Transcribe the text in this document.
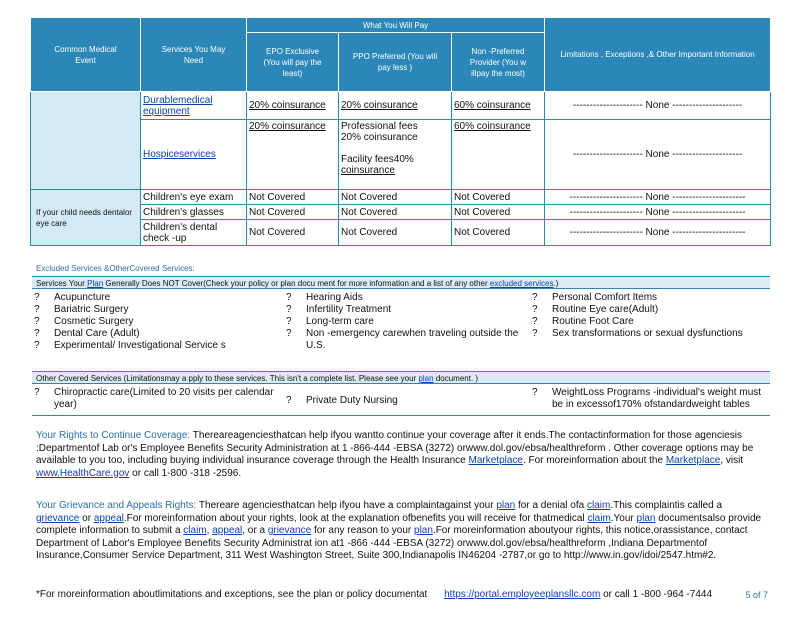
Common Medical Event	Services You May Need	What You Will Pay			Limitations , Exceptions ,& Other Important Information
		EPO Exclusive (You will pay the least)	PPO Preferred (You will pay less )	Non -Preferred Provider (You w illpay the most)	
	Durablemedical equipment	20% coinsurance	20% coinsurance	60% coinsurance	--------------------- None ---------------------
	Hospiceservices	20% coinsurance	Professional fees
20% coinsurance
Facility fees40%
coinsurance	60% coinsurance	--------------------- None ---------------------
If your child needs dentalor eye care	Children's eye exam	Not Covered	Not Covered	Not Covered	---------------------- None ----------------------
	Children's glasses	Not Covered	Not Covered	Not Covered	---------------------- None ----------------------
	Children's dental check -up	Not Covered	Not Covered	Not Covered	---------------------- None ----------------------
Excluded Services &OtherCovered Services:
Services Your Plan Generally Does NOT Cover(Check your policy or plan docu ment for more information and a list of any other excluded services.)
? Acupuncture
? Bariatric Surgery
? Cosmetic Surgery
? Dental Care (Adult)
? Experimental/ Investigational Service s

? Hearing Aids
? Infertility Treatment
? Long-term care
?	Non -emergency carewhen traveling outside the U.S.

? Personal Comfort Items
? Routine Eye care(Adult)
? Routine Foot Care
? Sex transformations or sexual dysfunctions
Other Covered Services (Limitationsmay a pply to these services. This isn't a complete list. Please see your plan document. )
?	Chiropractic care(Limited to 20 visits per calendar year)	?	Private Duty Nursing

?	WeightLoss Programs -individual's weight must be in excessof170% ofstandardweight tables
Your Rights to Continue Coverage: Thereareagenciesthatcan help ifyou wantto continue your coverage after it ends.The contactinformation for those agenciesis :Departmentof Lab or's Employee Benefits Security Administration at 1 -866-444 -EBSA (3272) orwww.dol.gov/ebsa/healthreform . Other coverage options may be available to you too, including buying individual insurance coverage through the Health Insurance Marketplace. For moreinformation about the Marketplace, visit www.HealthCare.gov or call 1-800 -318 -2596.
Your Grievance and Appeals Rights: Thereare agenciesthatcan help ifyou have a complaintagainst your plan for a denial ofa claim.This complaintis called a grievance or appeal.For moreinformation about your rights, look at the explanation ofbenefits you will receive for thatmedical claim.Your plan documentsalso provide complete information to submit a claim, appeal, or a grievance for any reason to your plan.For moreinformation aboutyour rights, this notice,orassistance, contact Department of Labor's Employee Benefits Security Administrat ion at1 -866 -444 -EBSA (3272) orwww.dol.gov/ebsa/healthreform ,Indiana Departmentof Insurance,Consumer Service Department, 311 West Washington Street, Suite 300,Indianapolis IN46204 -2787,or go to http://www.in.gov/idoi/2547.htm#2.
*For moreinformation aboutlimitations and exceptions, see the plan or policy documentat https://portal.employeeplansllc.com or call 1 -800 -964 -7444	5 of 7
